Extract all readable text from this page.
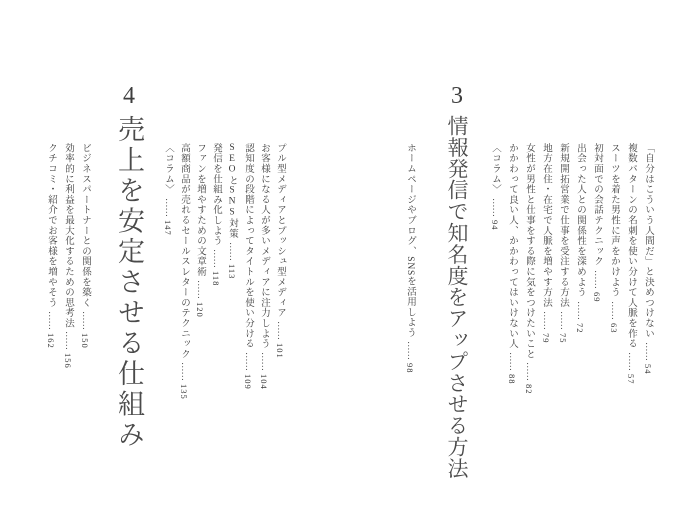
「自分はこういう人間だ」と決めつけない……54
複数パターンの名刺を使い分けて人脈を作る……57
スーツを着た男性に声をかけよう……63
初対面での会話テクニック……69
出会った人との関係性を深めよう……72
新規開拓営業で仕事を受注する方法……75
地方在住・在宅で人脈を増やす方法……79
女性が男性と仕事をする際に気をつけたいこと……82
かかわって良い人、かかわってはいけない人……88
〈コラム〉……94
3情報発信で知名度をアップさせる方法
ホームページやブログ、SNSを活用しよう……98
プル型メディアとプッシュ型メディア……101
お客様になる人が多いメディアに注力しよう……104
認知度の段階によってタイトルを使い分ける……109
SEOとSNS対策……113
発信を仕組み化しよう……118
ファンを増やすための文章術……120
高額商品が売れるセールスレターのテクニック……135
〈コラム〉……147
4売上を安定させる仕組み
ビジネスパートナーとの関係を築く……150
効率的に利益を最大化するための思考法……156
クチコミ・紹介でお客様を増やそう……162
